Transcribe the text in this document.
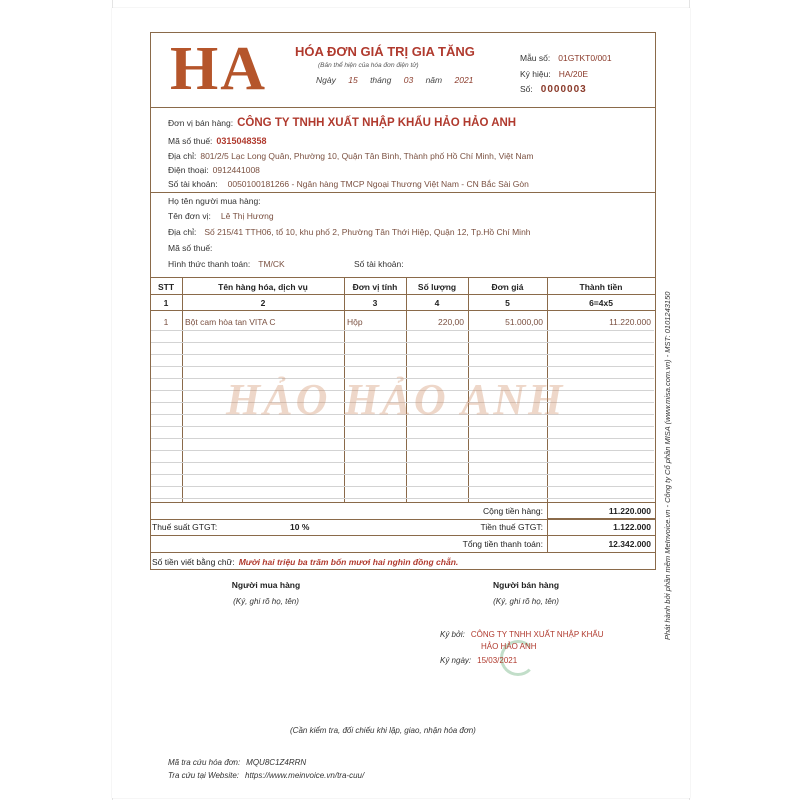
HA HÓA ĐƠN GIÁ TRỊ GIA TĂNG
(Bản thể hiện của hóa đơn điện tử)
Ngày 15 tháng 03 năm 2021
Mẫu số: 01GTKT0/001
Ký hiệu: HA/20E
Số: 0000003
Đơn vị bán hàng: CÔNG TY TNHH XUẤT NHẬP KHẨU HẢO HẢO ANH
Mã số thuế: 0315048358
Địa chỉ: 801/2/5 Lạc Long Quân, Phường 10, Quận Tân Bình, Thành phố Hồ Chí Minh, Việt Nam
Điện thoại: 0912441008
Số tài khoản: 0050100181266 - Ngân hàng TMCP Ngoại Thương Việt Nam - CN Bắc Sài Gòn
Họ tên người mua hàng:
Tên đơn vị: Lê Thị Hương
Địa chỉ: Số 215/41 TTH06, tổ 10, khu phố 2, Phường Tân Thới Hiệp, Quận 12, Tp.Hồ Chí Minh
Mã số thuế:
Hình thức thanh toán: TM/CK	Số tài khoản:
STT	Tên hàng hóa, dịch vụ	Đơn vị tính	Số lượng	Đơn giá	Thành tiền
1	2	3	4	5	6=4x5
1	Bột cam hòa tan VITA C	Hộp	220,00	51.000,00	11.220.000
HẢO HẢO ANH
Cộng tiền hàng:	11.220.000
Thuế suất GTGT:	10 %	Tiền thuế GTGT:	1.122.000
Tổng tiền thanh toán:	12.342.000
Số tiền viết bằng chữ: Mười hai triệu ba trăm bốn mươi hai nghìn đồng chẵn.
Người mua hàng
(Ký, ghi rõ họ, tên)
Người bán hàng
(Ký, ghi rõ họ, tên)
Ký bởi: CÔNG TY TNHH XUẤT NHẬP KHẨU
HẢO HẢO ANH
Ký ngày: 15/03/2021
(Cần kiểm tra, đối chiếu khi lập, giao, nhận hóa đơn)
Mã tra cứu hóa đơn: MQU8C1Z4RRN
Tra cứu tại Website: https://www.meinvoice.vn/tra-cuu/
Phát hành bởi phần mềm MeInvoice.vn - Công ty Cổ phần MISA (www.misa.com.vn) - MST: 0101243150
